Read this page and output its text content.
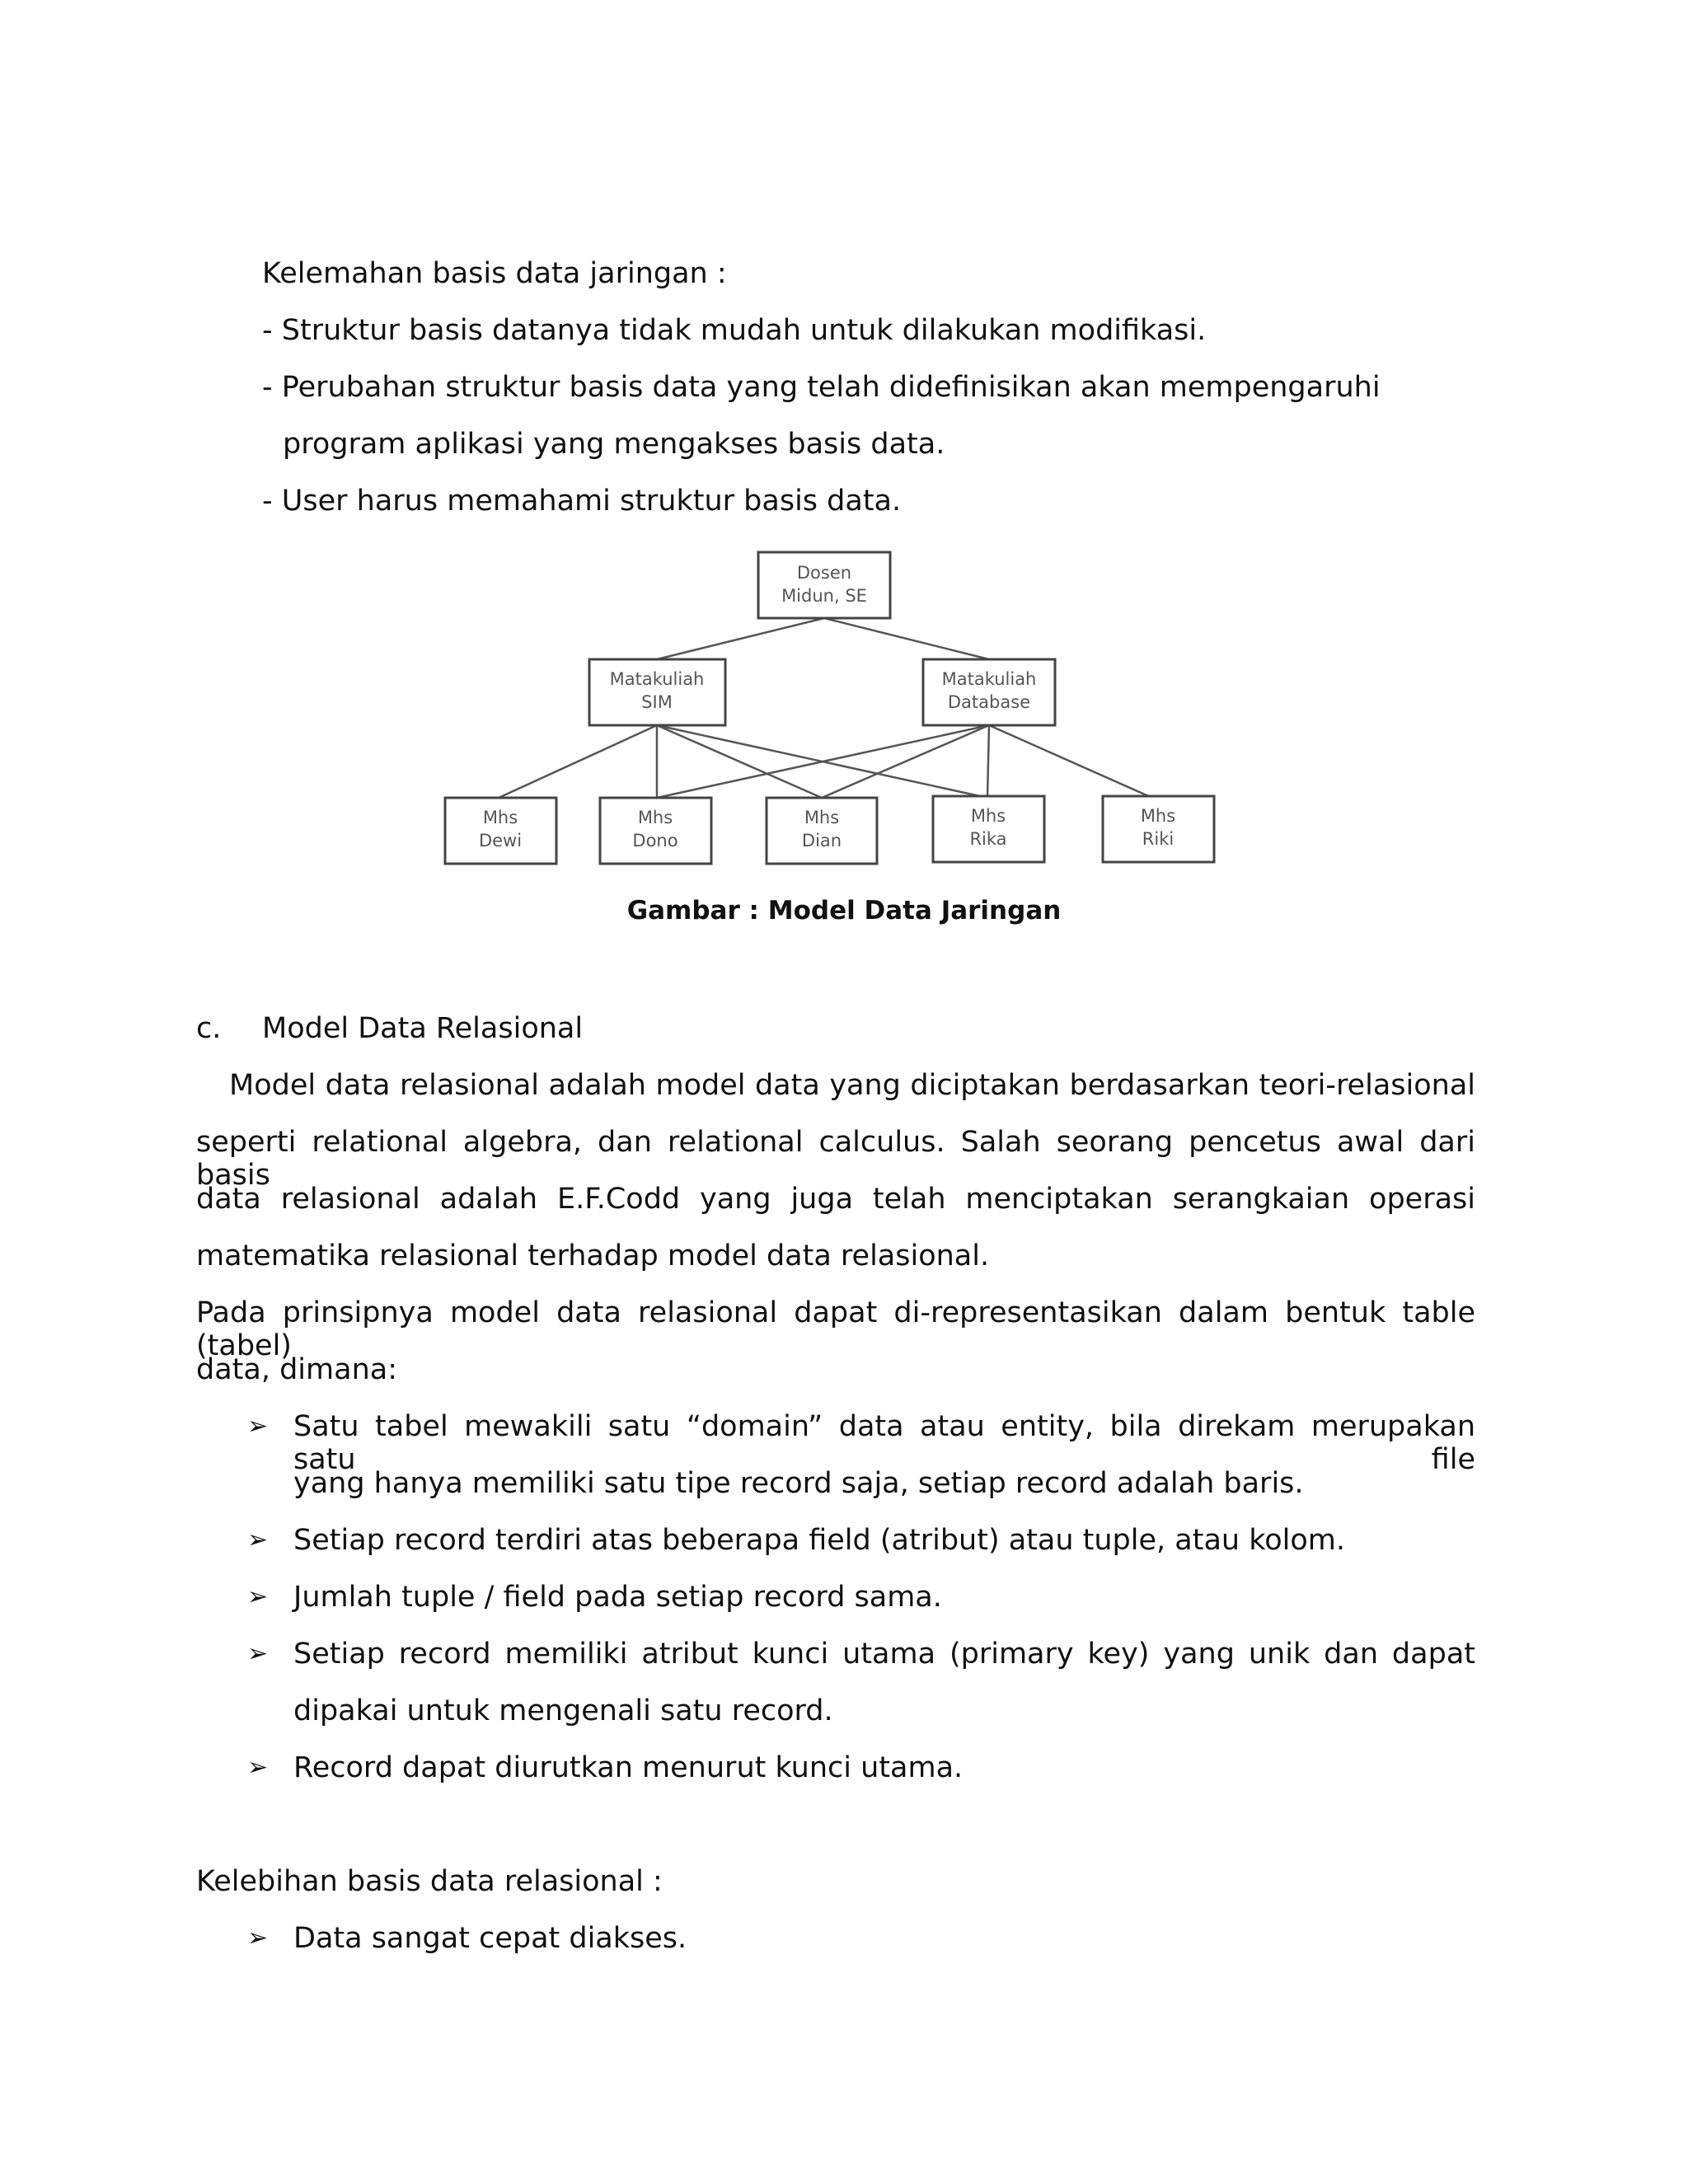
Kelemahan basis data jaringan :

- Struktur basis datanya tidak mudah untuk dilakukan modifikasi.

- Perubahan struktur basis data yang telah didefinisikan akan mempengaruhi

program aplikasi yang mengakses basis data.

- User harus memahami struktur basis data.

Dosen
Midun, SE
Matakuliah
SIM
Matakuliah
Database
Mhs
Dewi
Mhs
Dono
Mhs
Dian
Mhs
Rika
Mhs
Riki
Gambar : Model Data Jaringan

c. Model Data Relasional

Model data relasional adalah model data yang diciptakan berdasarkan teori-relasional

seperti relational algebra, dan relational calculus. Salah seorang pencetus awal dari basis

data relasional adalah E.F.Codd yang juga telah menciptakan serangkaian operasi

matematika relasional terhadap model data relasional.

Pada prinsipnya model data relasional dapat di-representasikan dalam bentuk table (tabel)

data, dimana:

➢ Satu tabel mewakili satu “domain” data atau entity, bila direkam merupakan satu file

yang hanya memiliki satu tipe record saja, setiap record adalah baris.

➢ Setiap record terdiri atas beberapa field (atribut) atau tuple, atau kolom.

➢ Jumlah tuple / field pada setiap record sama.

➢ Setiap record memiliki atribut kunci utama (primary key) yang unik dan dapat

dipakai untuk mengenali satu record.

➢ Record dapat diurutkan menurut kunci utama.

Kelebihan basis data relasional :

➢ Data sangat cepat diakses.
